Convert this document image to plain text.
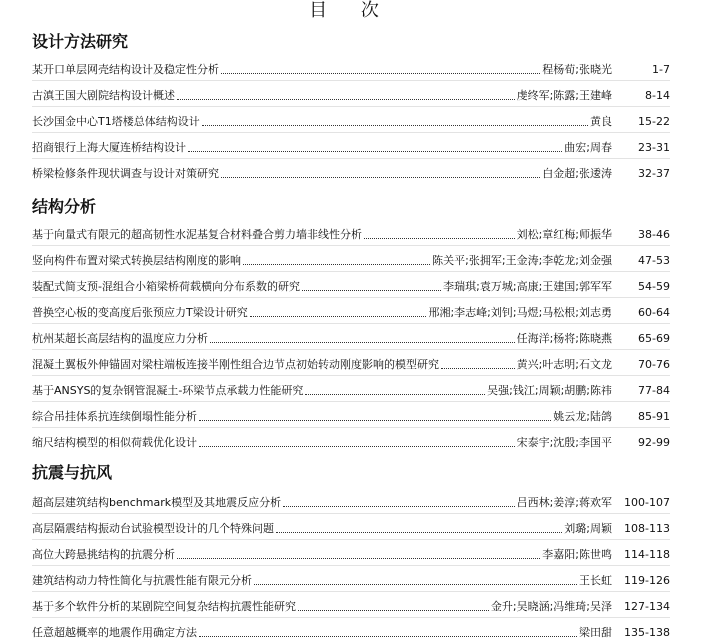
目 次
设计方法研究
某开口单层网壳结构设计及稳定性分析	程杨荀;张晓光	1-7
古滇王国大剧院结构设计概述	虔终军;陈露;王建峰	8-14
长沙国金中心T1塔楼总体结构设计	黄良	15-22
招商银行上海大厦连桥结构设计	曲宏;周春	23-31
桥梁检修条件现状调查与设计对策研究	白金超;张逶涛	32-37
结构分析
基于向量式有限元的超高韧性水泥基复合材料叠合剪力墙非线性分析	刘松;章红梅;师振华	38-46
竖向构件布置对梁式转换层结构刚度的影响	陈关平;张拥军;王金涛;李乾龙;刘金强	47-53
装配式简支预-混组合小箱梁桥荷载横向分布系数的研究	李瑞琪;袁万城;高康;王建国;郭军军	54-59
普换空心板的变高度后张预应力T梁设计研究	邢湘;李志峰;刘钊;马煜;马松根;刘志勇	60-64
杭州某超长高层结构的温度应力分析	任海洋;杨将;陈晓燕	65-69
混凝土翼板外伸锚固对梁柱端板连接半刚性组合边节点初始转动刚度影响的模型研究	黄兴;叶志明;石文龙	70-76
基于ANSYS的复杂钢管混凝土-环梁节点承载力性能研究	吴强;钱江;周颖;胡鹏;陈祎	77-84
综合吊挂体系抗连续倒塌性能分析	姚云龙;陆鸽	85-91
缩尺结构模型的相似荷载优化设计	宋泰宇;沈殷;李国平	92-99
抗震与抗风
超高层建筑结构benchmark模型及其地震反应分析	吕西林;姜淳;蒋欢军	100-107
高层隔震结构振动台试验模型设计的几个特殊问题	刘璐;周颖	108-113
高位大跨悬挑结构的抗震分析	李嘉阳;陈世鸣	114-118
建筑结构动力特性简化与抗震性能有限元分析	王长虹	119-126
基于多个软件分析的某剧院空间复杂结构抗震性能研究	金升;吴晓涵;冯维琦;吴泽	127-134
任意超越概率的地震作用确定方法	梁田甜	135-138
